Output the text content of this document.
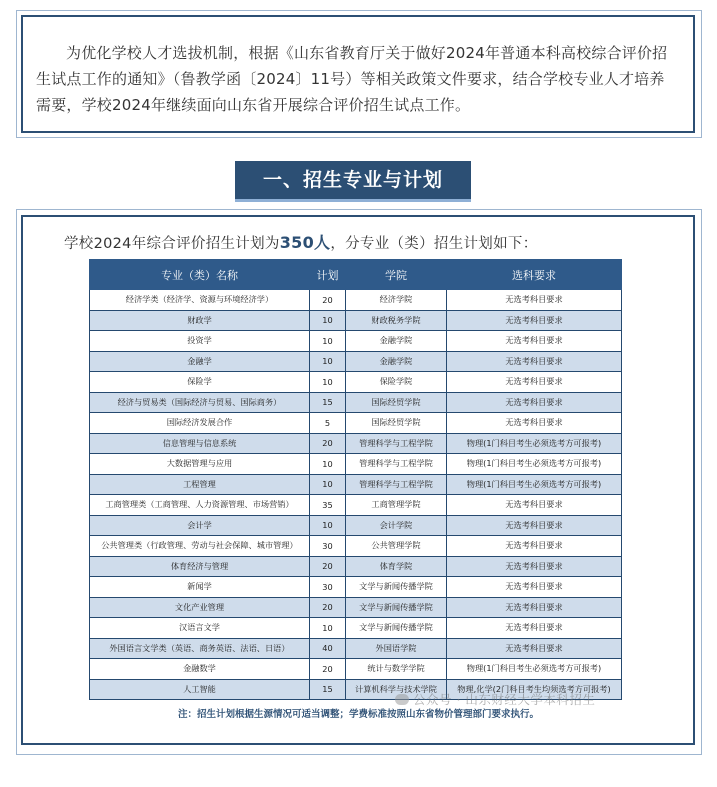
为优化学校人才选拔机制，根据《山东省教育厅关于做好2024年普通本科高校综合评价招生试点工作的通知》（鲁教学函〔2024〕11号）等相关政策文件要求，结合学校专业人才培养需要，学校2024年继续面向山东省开展综合评价招生试点工作。
一、招生专业与计划
学校2024年综合评价招生计划为350人，分专业（类）招生计划如下：
专业（类）名称	计划	学院	选科要求
经济学类（经济学、资源与环境经济学）	20	经济学院	无选考科目要求
财政学	10	财政税务学院	无选考科目要求
投资学	10	金融学院	无选考科目要求
金融学	10	金融学院	无选考科目要求
保险学	10	保险学院	无选考科目要求
经济与贸易类（国际经济与贸易、国际商务）	15	国际经贸学院	无选考科目要求
国际经济发展合作	5	国际经贸学院	无选考科目要求
信息管理与信息系统	20	管理科学与工程学院	物理(1门科目考生必须选考方可报考)
大数据管理与应用	10	管理科学与工程学院	物理(1门科目考生必须选考方可报考)
工程管理	10	管理科学与工程学院	物理(1门科目考生必须选考方可报考)
工商管理类（工商管理、人力资源管理、市场营销）	35	工商管理学院	无选考科目要求
会计学	10	会计学院	无选考科目要求
公共管理类（行政管理、劳动与社会保障、城市管理）	30	公共管理学院	无选考科目要求
体育经济与管理	20	体育学院	无选考科目要求
新闻学	30	文学与新闻传播学院	无选考科目要求
文化产业管理	20	文学与新闻传播学院	无选考科目要求
汉语言文学	10	文学与新闻传播学院	无选考科目要求
外国语言文学类（英语、商务英语、法语、日语）	40	外国语学院	无选考科目要求
金融数学	20	统计与数学学院	物理(1门科目考生必须选考方可报考)
人工智能	15	计算机科学与技术学院	物理,化学(2门科目考生均须选考方可报考)
注：招生计划根据生源情况可适当调整；学费标准按照山东省物价管理部门要求执行。
公众号 · 山东财经大学本科招生
